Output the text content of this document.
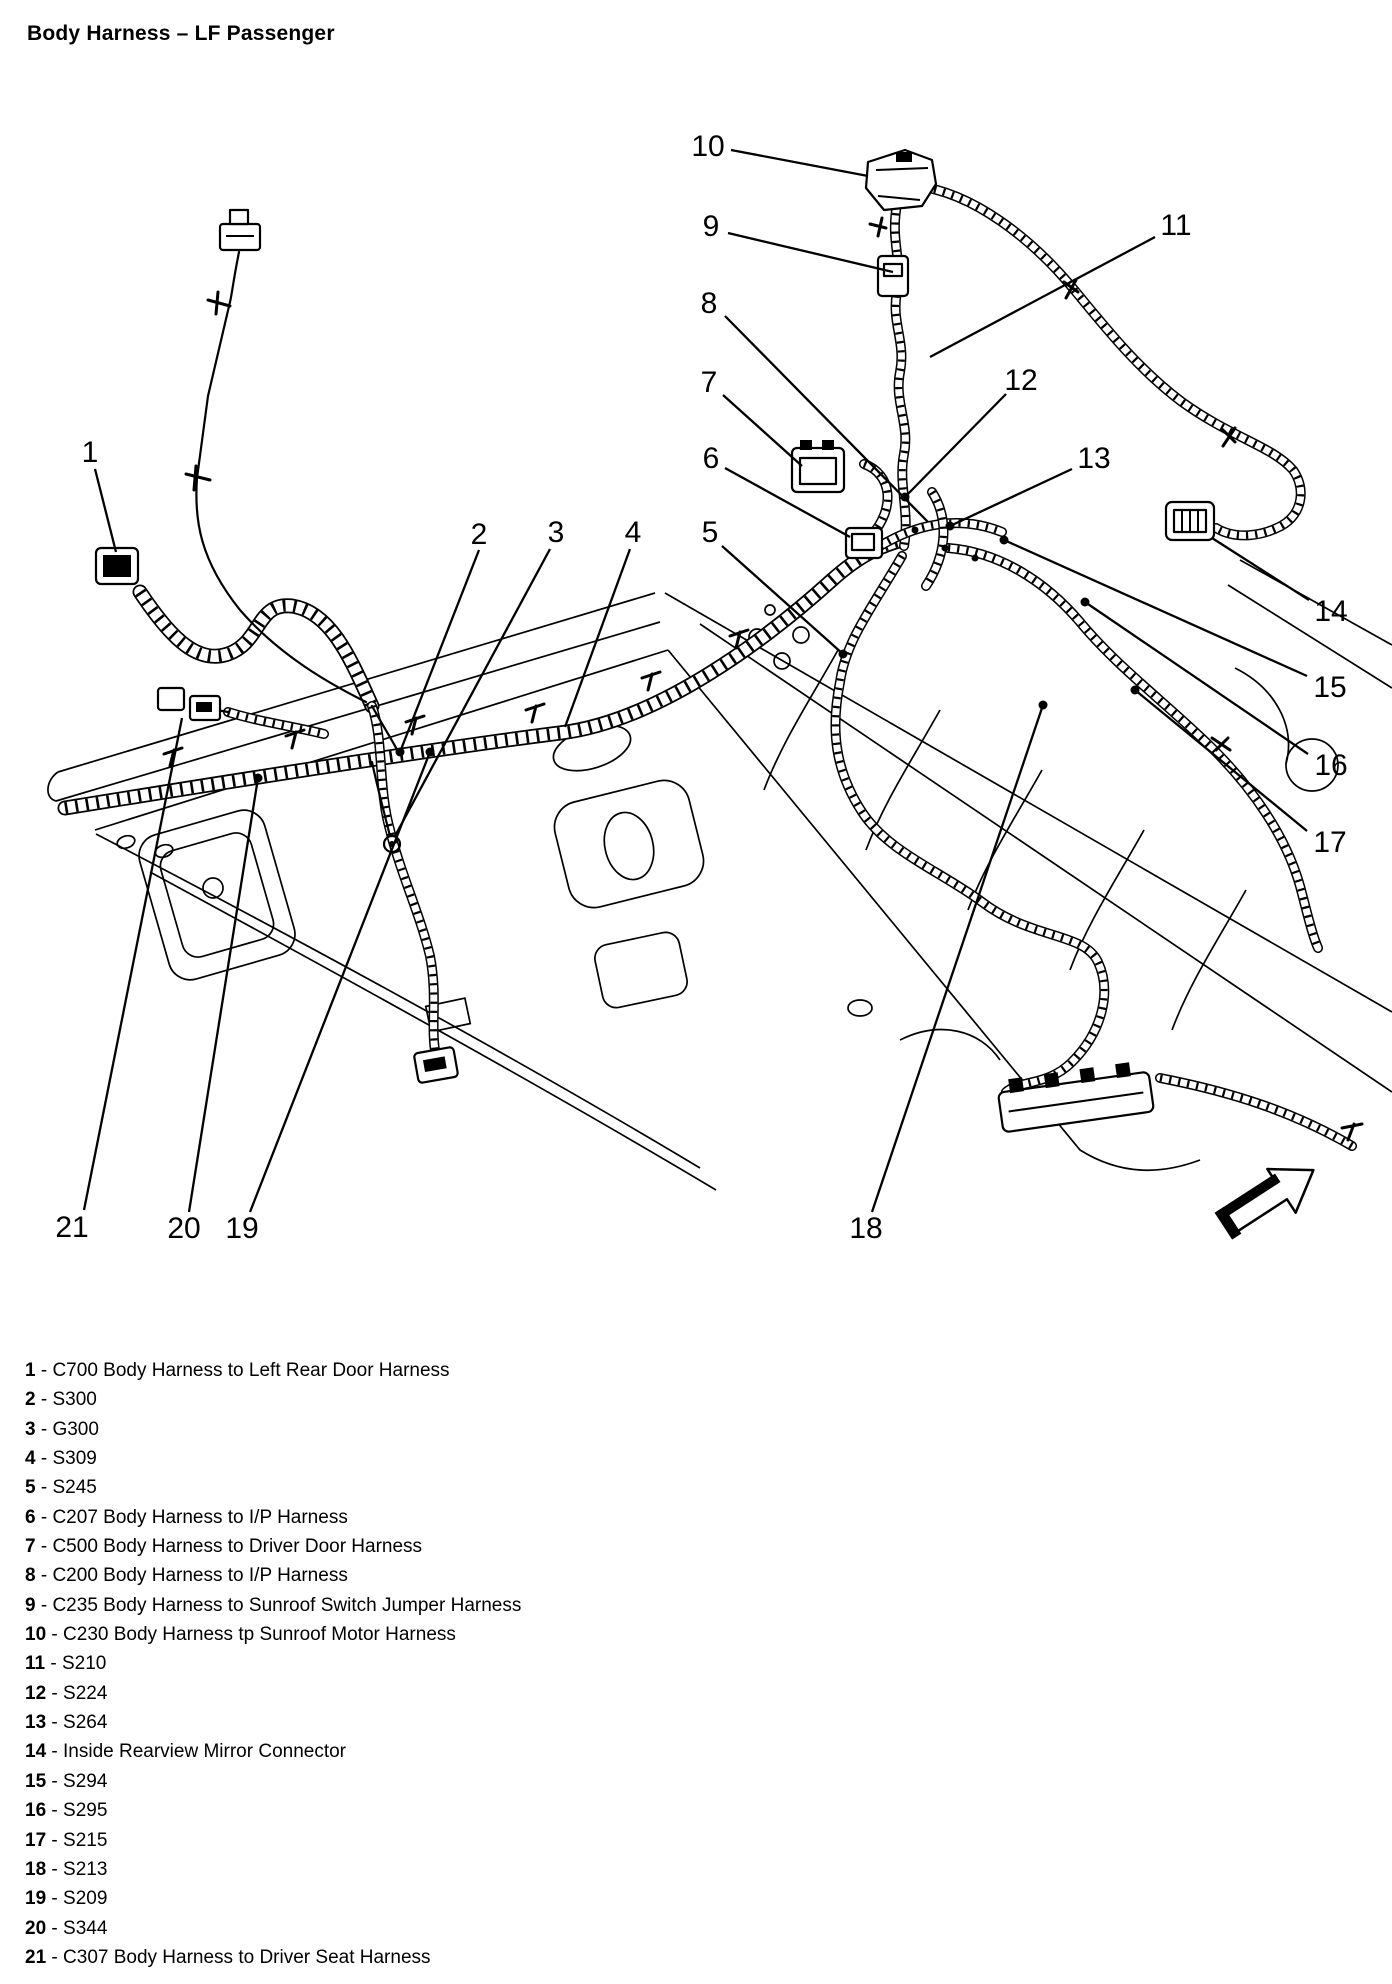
Body Harness – LF Passenger
1
2 3 4 5
6
7
8
9
10
11
12
13
14
15
16
17
18
19
20
21
1 - C700 Body Harness to Left Rear Door Harness
2 - S300
3 - G300
4 - S309
5 - S245
6 - C207 Body Harness to I/P Harness
7 - C500 Body Harness to Driver Door Harness
8 - C200 Body Harness to I/P Harness
9 - C235 Body Harness to Sunroof Switch Jumper Harness
10 - C230 Body Harness tp Sunroof Motor Harness
11 - S210
12 - S224
13 - S264
14 - Inside Rearview Mirror Connector
15 - S294
16 - S295
17 - S215
18 - S213
19 - S209
20 - S344
21 - C307 Body Harness to Driver Seat Harness
